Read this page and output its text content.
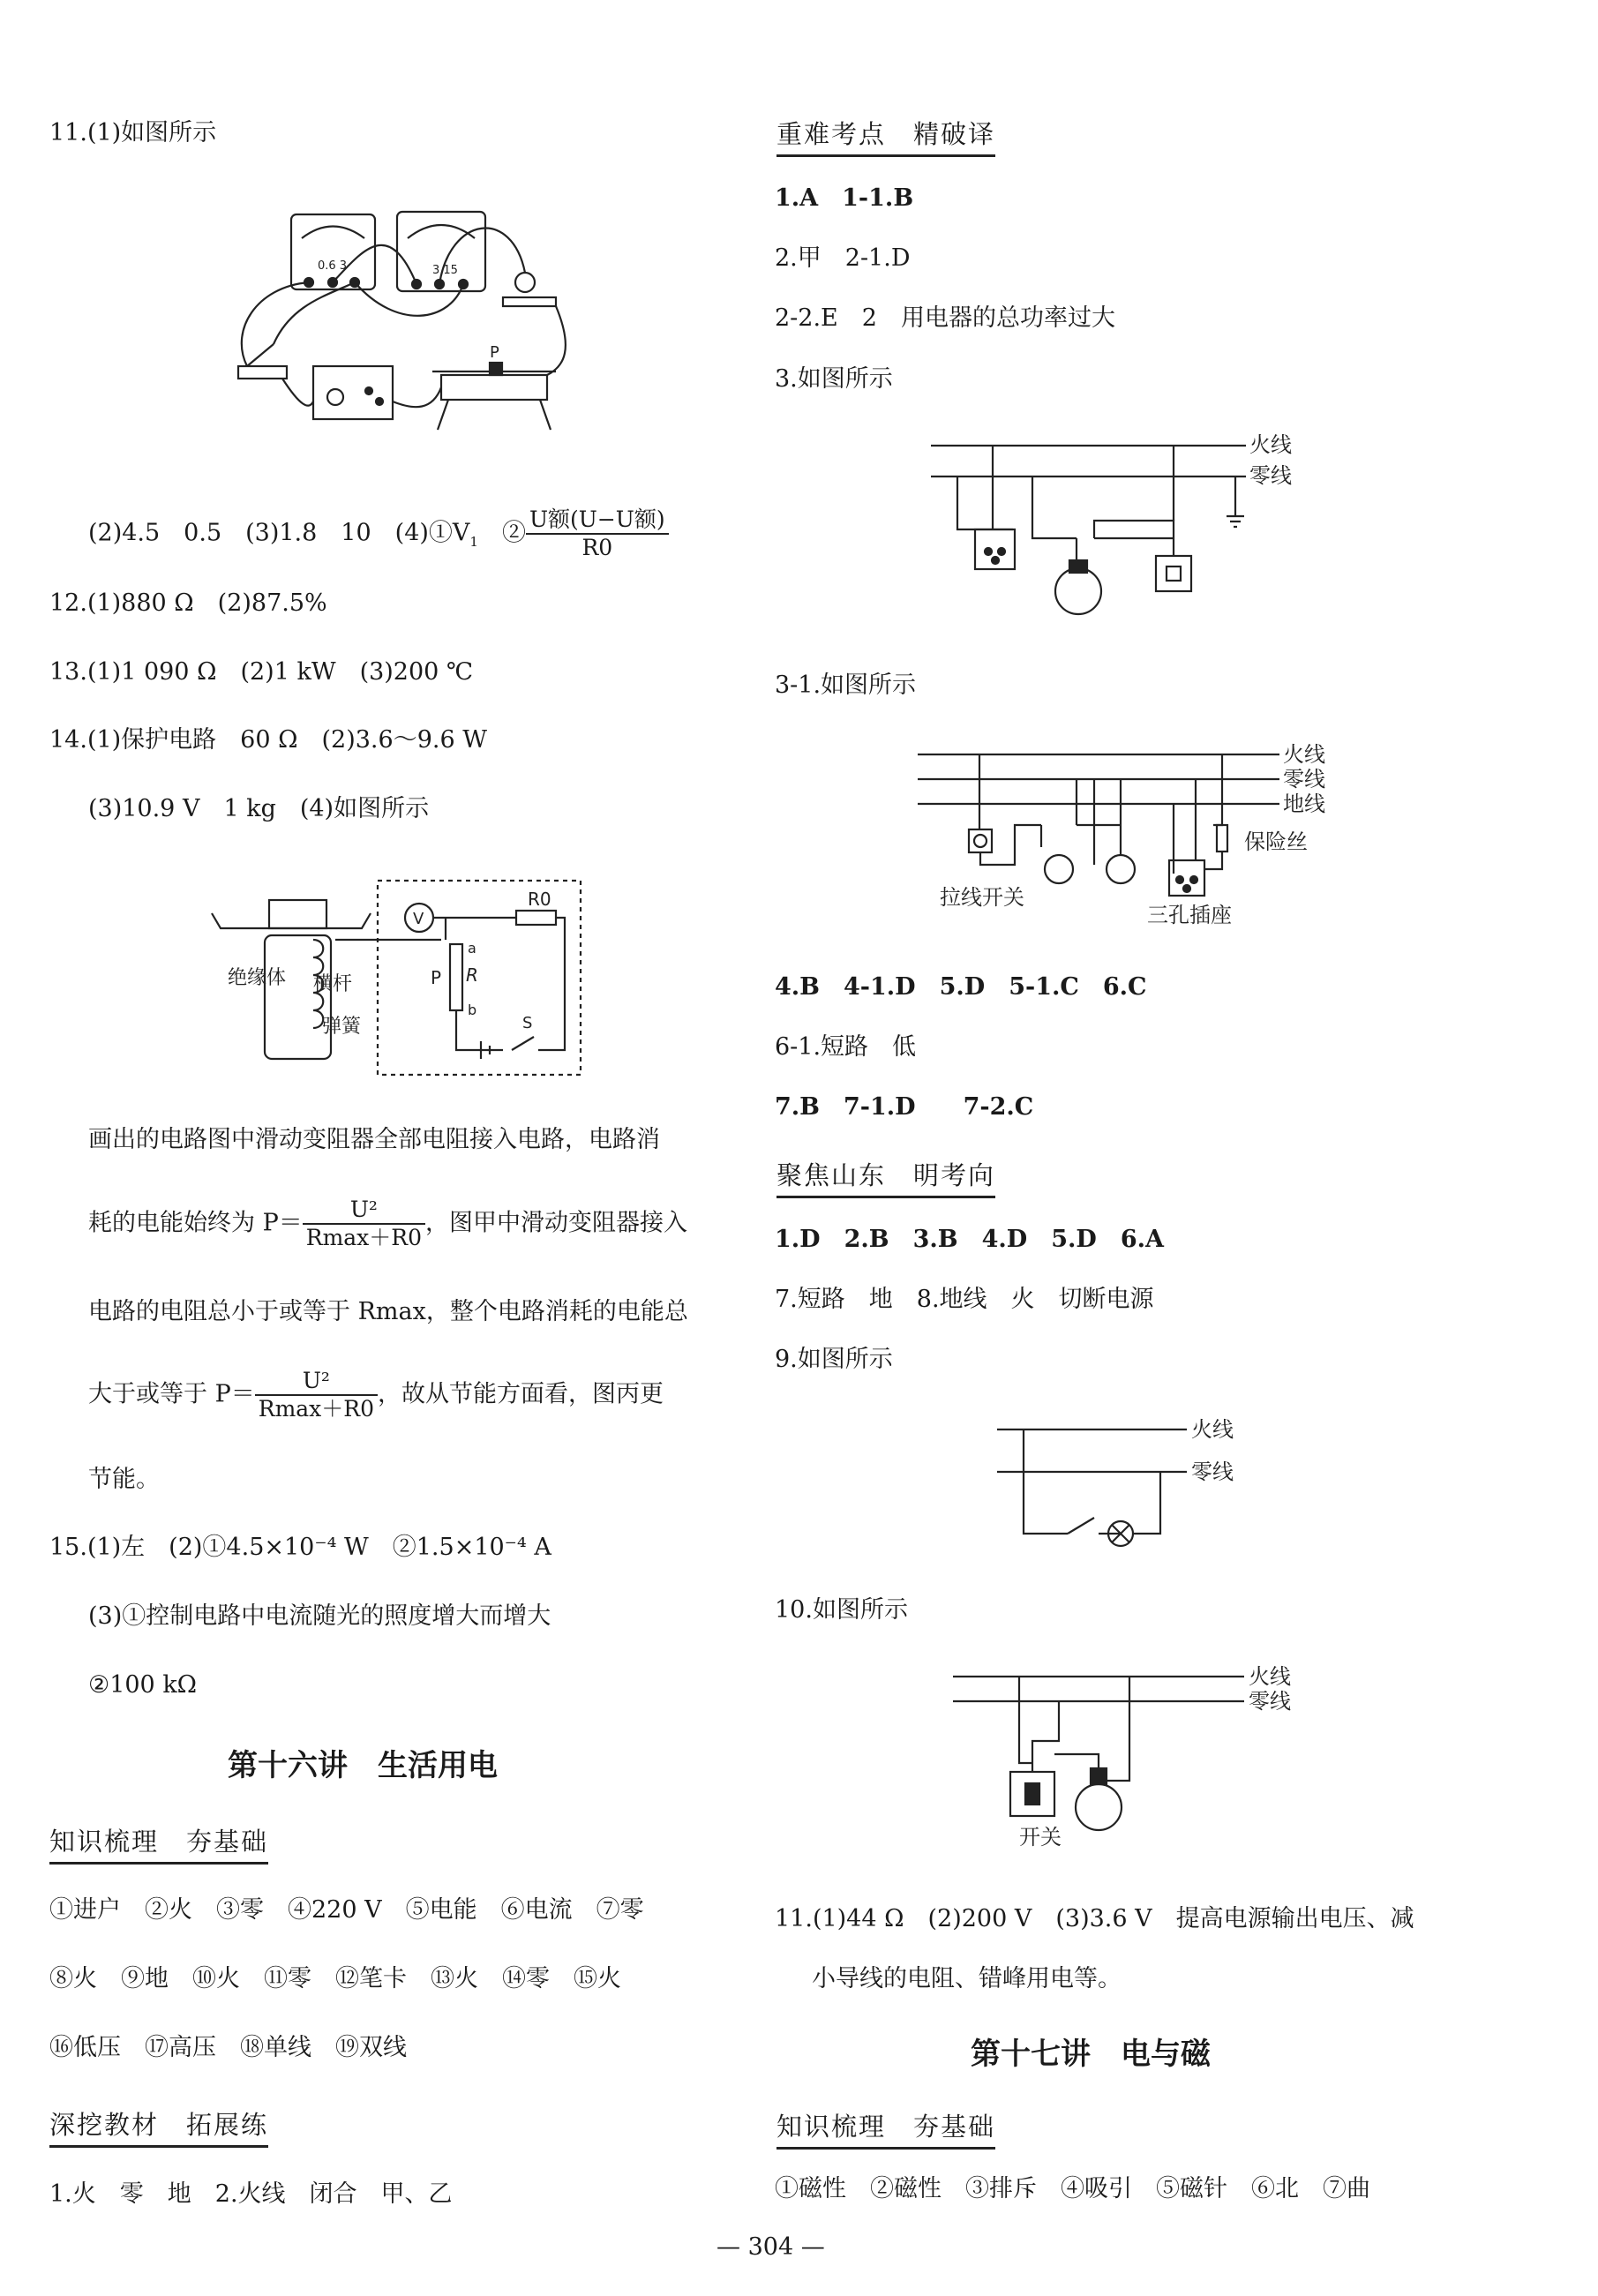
11.(1)如图所示
0.6 3	3 15
P
(2)4.5　0.5　(3)1.8　10　$(4)①V_1$　 ② $\frac{\text{U额(U−U额)}}{R0}$
12.(1)880 Ω　(2)87.5%
13.(1)1 090 Ω　(2)1 kW　(3)200 ℃
14.(1)保护电路　60 Ω　(2)3.6～9.6 W
(3)10.9 V　1 kg　(4)如图所示
绝缘体 横杆
弹簧
V
R0
a
P R
b
S
画出的电路图中滑动变阻器全部电阻接入电路，电路消
耗的电能始终为 $P= \frac{\text{U²}}{Rmax+R0}$ ，图甲中滑动变阻器接入
电路的电阻总小于或等于 Rmax，整个电路消耗的电能总
大于或等于 $P= \frac{\text{U²}}{Rmax+R0}$ ，故从节能方面看，图丙更
节能。
15.(1)左　(2)①4.5×10⁻⁴ W　②1.5×10⁻⁴ A
(3)①控制电路中电流随光的照度增大而增大
②100 kΩ
第十六讲　生活用电
知识梳理　夯基础
①进户　②火　③零　④220 V　⑤电能　⑥电流　⑦零
⑧火　⑨地　⑩火　⑪零　⑫笔卡　⑬火　⑭零　⑮火
⑯低压　⑰高压　⑱单线　⑲双线
深挖教材　拓展练
1.火　零　地　2.火线　闭合　甲、乙
重难考点　精破译
1.A　1-1.B
2.甲　2-1.D
2-2.E　2　用电器的总功率过大
3.如图所示
火线
零线
3-1.如图所示
火线
零线
地线
保险丝
拉线开关
三孔插座
4.B　4-1.D　5.D　5-1.C　6.C
6-1.短路　低
7.B　7-1.D　　7-2.C
聚焦山东　明考向
1.D　2.B　3.B　4.D　5.D　6.A
7.短路　地　8.地线　火　切断电源
9.如图所示
火线
零线
10.如图所示
火线
零线
开关
11.(1)44 Ω　(2)200 V　(3)3.6 V　提高电源输出电压、减
小导线的电阻、错峰用电等。
第十七讲　电与磁
知识梳理　夯基础
①磁性　②磁性　③排斥　④吸引　⑤磁针　⑥北　⑦曲
— 304 —
